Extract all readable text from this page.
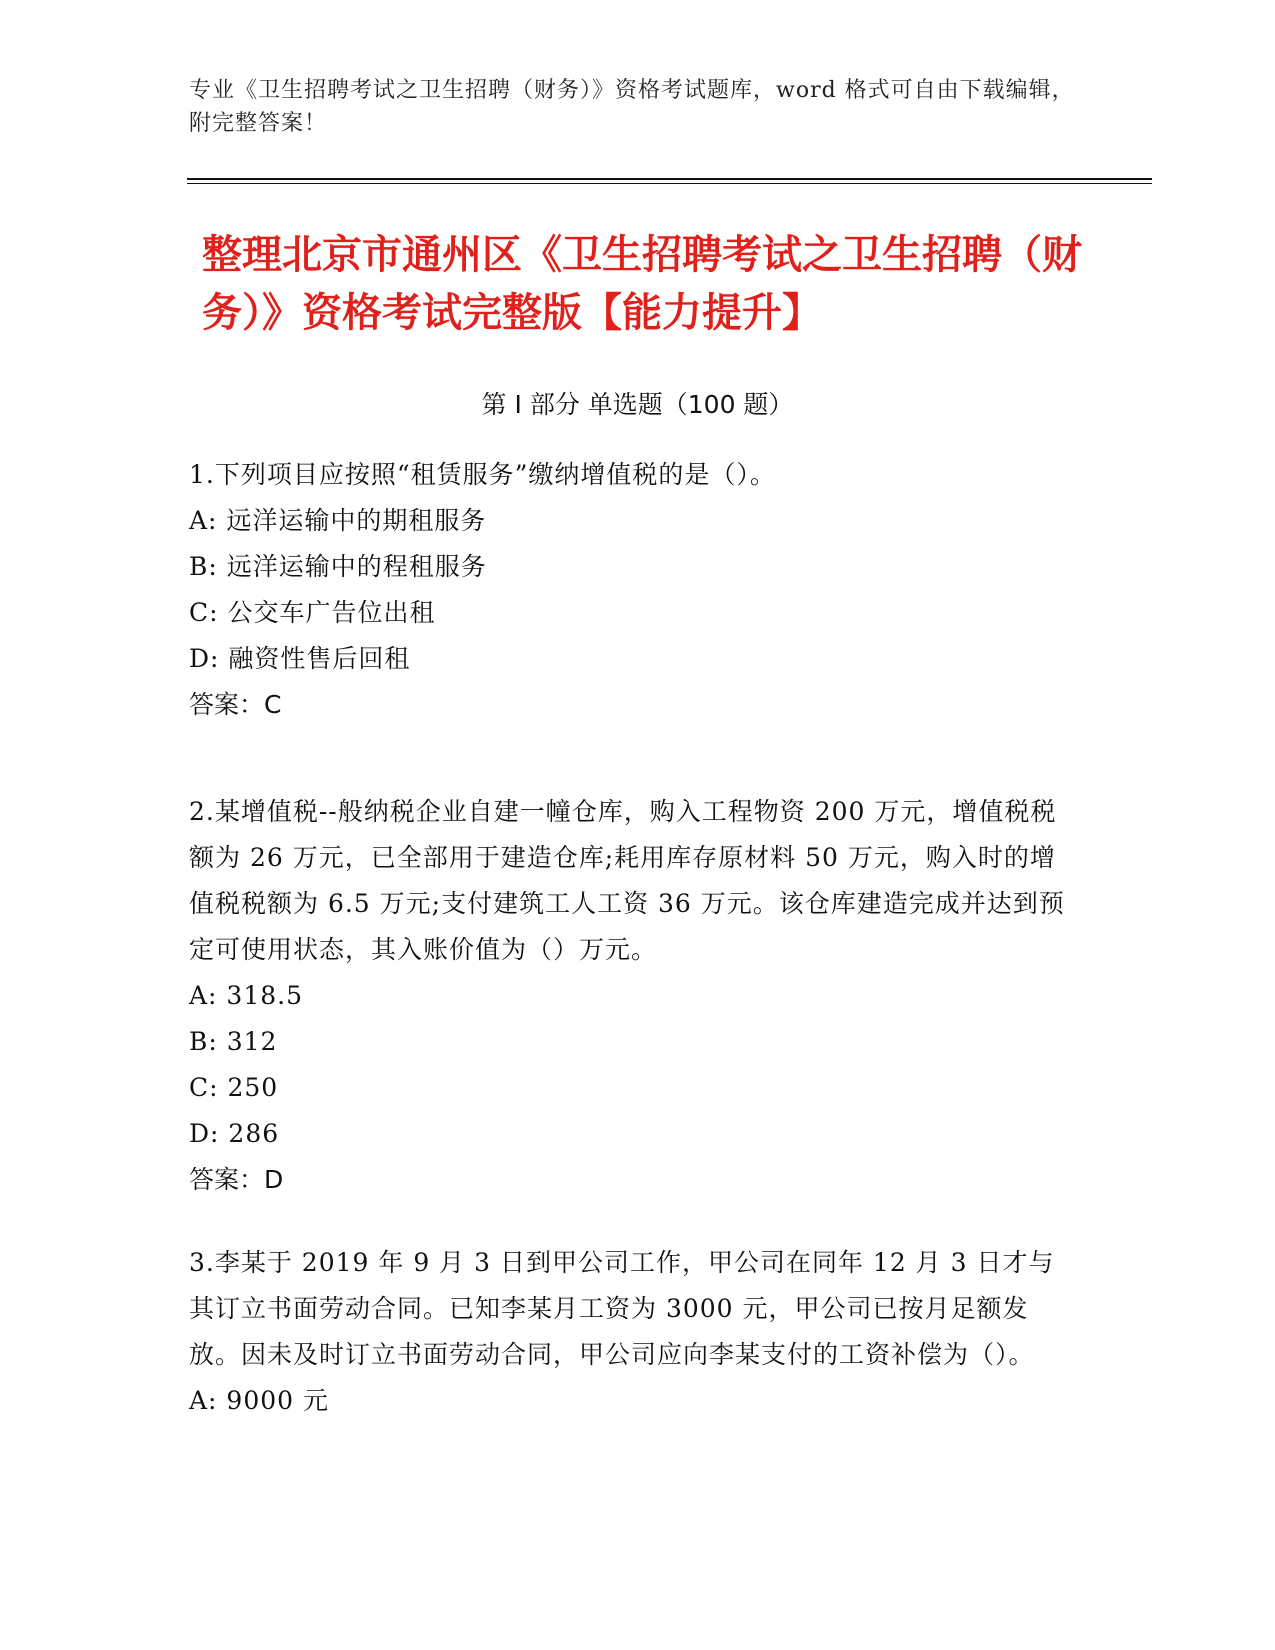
专业《卫生招聘考试之卫生招聘（财务）》资格考试题库，word 格式可自由下载编辑，附完整答案！
整理北京市通州区《卫生招聘考试之卫生招聘（财务）》资格考试完整版【能力提升】
第 I 部分 单选题（100 题）
1.下列项目应按照“租赁服务”缴纳增值税的是（）。
A: 远洋运输中的期租服务
B: 远洋运输中的程租服务
C: 公交车广告位出租
D: 融资性售后回租
答案：C
2.某增值税--般纳税企业自建一幢仓库，购入工程物资 200 万元，增值税税额为 26 万元，已全部用于建造仓库;耗用库存原材料 50 万元，购入时的增值税税额为 6.5 万元;支付建筑工人工资 36 万元。该仓库建造完成并达到预定可使用状态，其入账价值为（）万元。
A: 318.5
B: 312
C: 250
D: 286
答案：D
3.李某于 2019 年 9 月 3 日到甲公司工作，甲公司在同年 12 月 3 日才与其订立书面劳动合同。已知李某月工资为 3000 元，甲公司已按月足额发放。因未及时订立书面劳动合同，甲公司应向李某支付的工资补偿为（）。
A: 9000 元
